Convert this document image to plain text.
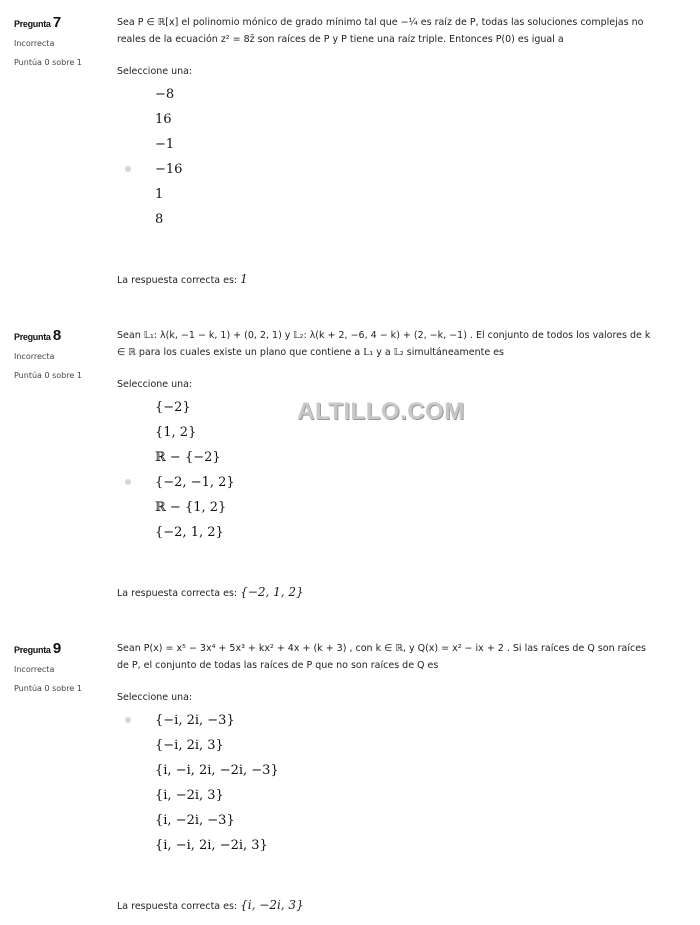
Pregunta 7
Incorrecta
Puntúa 0 sobre 1
Sea P ∈ ℝ[x] el polinomio mónico de grado mínimo tal que −¼ es raíz de P, todas las soluciones complejas no reales de la ecuación z² = 8z̄ son raíces de P y P tiene una raíz triple. Entonces P(0) es igual a
Seleccione una:
−8
16
−1
−16
1
8
La respuesta correcta es: 1
Pregunta 8
Incorrecta
Puntúa 0 sobre 1
Sean 𝕃₁: λ(k, −1 − k, 1) + (0, 2, 1) y 𝕃₂: λ(k + 2, −6, 4 − k) + (2, −k, −1) . El conjunto de todos los valores de k ∈ ℝ para los cuales existe un plano que contiene a 𝕃₁ y a 𝕃₂ simultáneamente es
Seleccione una:
{−2}
{1, 2}
ℝ − {−2}
{−2, −1, 2}
ℝ − {1, 2}
{−2, 1, 2}
La respuesta correcta es: {−2, 1, 2}
Pregunta 9
Incorrecta
Puntúa 0 sobre 1
Sean P(x) = x⁵ − 3x⁴ + 5x³ + kx² + 4x + (k + 3) , con k ∈ ℝ, y Q(x) = x² − ix + 2 . Si las raíces de Q son raíces de P, el conjunto de todas las raíces de P que no son raíces de Q es
Seleccione una:
{−i, 2i, −3}
{−i, 2i, 3}
{i, −i, 2i, −2i, −3}
{i, −2i, 3}
{i, −2i, −3}
{i, −i, 2i, −2i, 3}
La respuesta correcta es: {i, −2i, 3}
ALTILLO.COM
